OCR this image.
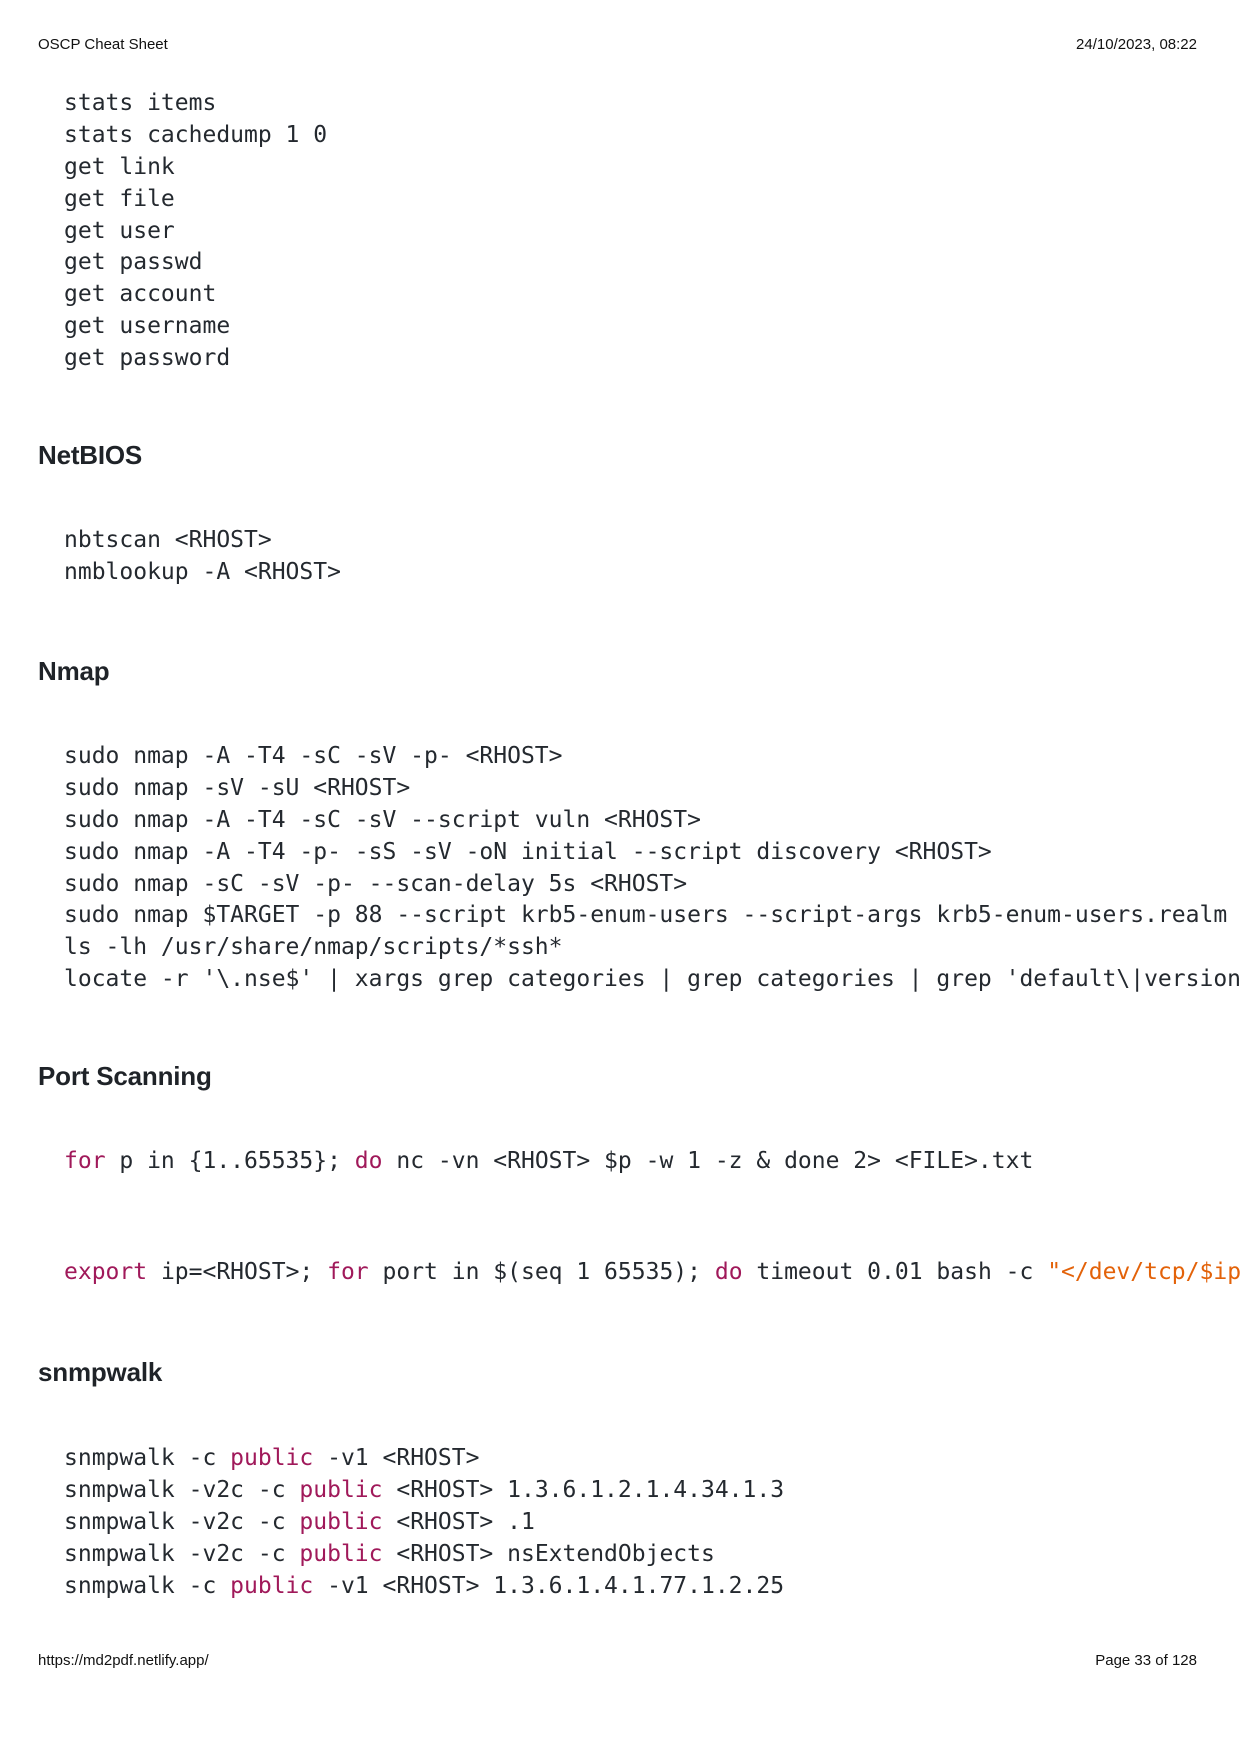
OSCP Cheat Sheet	24/10/2023, 08:22
stats items
stats cachedump 1 0
get link
get file
get user
get passwd
get account
get username
get password
NetBIOS
nbtscan <RHOST>
nmblookup -A <RHOST>
Nmap
sudo nmap -A -T4 -sC -sV -p- <RHOST>
sudo nmap -sV -sU <RHOST>
sudo nmap -A -T4 -sC -sV --script vuln <RHOST>
sudo nmap -A -T4 -p- -sS -sV -oN initial --script discovery <RHOST>
sudo nmap -sC -sV -p- --scan-delay 5s <RHOST>
sudo nmap $TARGET -p 88 --script krb5-enum-users --script-args krb5-enum-users.realm
ls -lh /usr/share/nmap/scripts/*ssh*
locate -r '\.nse$' | xargs grep categories | grep categories | grep 'default\|version
Port Scanning
for p in {1..65535}; do nc -vn <RHOST> $p -w 1 -z & done 2> <FILE>.txt
export ip=<RHOST>; for port in $(seq 1 65535); do timeout 0.01 bash -c "</dev/tcp/$ip
snmpwalk
snmpwalk -c public -v1 <RHOST>
snmpwalk -v2c -c public <RHOST> 1.3.6.1.2.1.4.34.1.3
snmpwalk -v2c -c public <RHOST> .1
snmpwalk -v2c -c public <RHOST> nsExtendObjects
snmpwalk -c public -v1 <RHOST> 1.3.6.1.4.1.77.1.2.25
https://md2pdf.netlify.app/	Page 33 of 128
